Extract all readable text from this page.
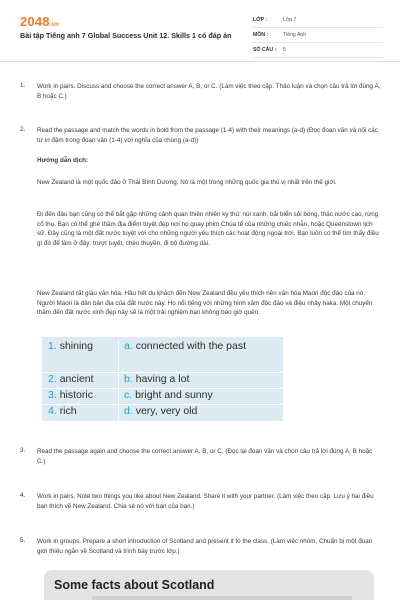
2048.vn
Bài tập Tiếng anh 7 Global Success Unit 12. Skills 1 có đáp án
LỚP :	Lớp 7
MÔN :	Tiếng Anh
SỐ CÂU :	5
1. Work in pairs. Discuss and choose the correct answer A, B, or C. (Làm việc theo cặp. Thảo luận và chọn câu trả lời đúng A, B hoặc C.)
2. Read the passage and match the words in bold from the passage (1-4) with their meanings (a-d) (Đọc đoạn văn và nối các từ in đậm trong đoạn văn (1-4) với nghĩa của chúng (a-d))
Hướng dẫn dịch:
New Zealand là một quốc đảo ở Thái Bình Dương. Nó là một trong những quốc gia thú vị nhất trên thế giới.
Đi đến đâu bạn cũng có thể bắt gặp những cảnh quan thiên nhiên kỳ thú: núi xanh, bãi biển sỏi bóng, thác nước cao, rừng cổ thụ. Bạn có thể ghé thăm địa điểm tuyệt đẹp nơi họ quay phim Chúa tể của những chiếc nhẫn, hoặc Queenstown lịch sử. Đây cũng là một đất nước tuyệt vời cho những người yêu thích các hoạt động ngoài trời. Bạn luôn có thể tìm thấy điều gì đó để làm ở đây: trượt tuyết, chèo thuyền, đi bộ đường dài.
New Zealand rất giàu văn hóa. Hầu hết du khách đến New Zealand đều yêu thích nền văn hóa Maori độc đáo của nó. Người Maori là dân bản địa của đất nước này. Họ nổi tiếng với những hình xăm độc đáo và điệu nhảy haka. Một chuyến thăm đến đất nước xinh đẹp này sẽ là một trải nghiệm bạn không bao giờ quên.
1. shining	a. connected with the past
2. ancient	b. having a lot
3. historic	c. bright and sunny
4. rich	d. very, very old
3. Read the passage again and choose the correct answer A, B, or C. (Đọc lại đoạn văn và chọn câu trả lời đúng A, B hoặc C.)
4. Work in pairs. Note two things you like about New Zealand. Share it with your partner. (Làm việc theo cặp. Lưu ý hai điều bạn thích về New Zealand. Chia sẻ nó với bạn của bạn.)
5. Work in groups. Prepare a short introduction of Scotland and present it to the class. (Làm việc nhóm. Chuẩn bị một đoạn giới thiệu ngắn về Scotland và trình bày trước lớp.)
Some facts about Scotland
